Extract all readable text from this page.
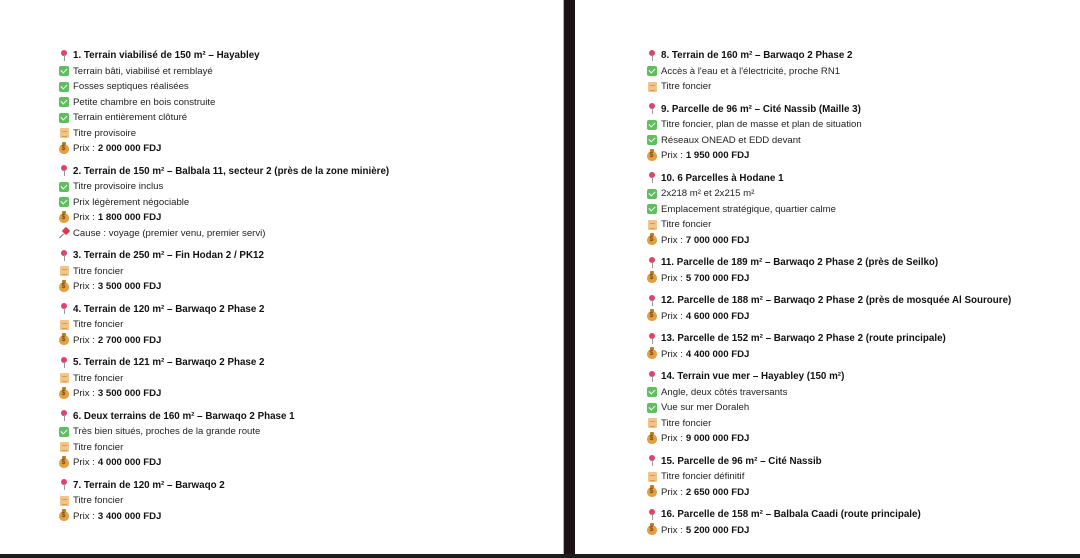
1. Terrain viabilisé de 150 m² – Hayabley
Terrain bâti, viabilisé et remblayé
Fosses septiques réalisées
Petite chambre en bois construite
Terrain entièrement clôturé
Titre provisoire
$
Prix : 2 000 000 FDJ
2. Terrain de 150 m² – Balbala 11, secteur 2 (près de la zone minière)
Titre provisoire inclus
Prix légèrement négociable
$
Prix : 1 800 000 FDJ
Cause : voyage (premier venu, premier servi)
3. Terrain de 250 m² – Fin Hodan 2 / PK12
Titre foncier
$
Prix : 3 500 000 FDJ
4. Terrain de 120 m² – Barwaqo 2 Phase 2
Titre foncier
$
Prix : 2 700 000 FDJ
5. Terrain de 121 m² – Barwaqo 2 Phase 2
Titre foncier
$
Prix : 3 500 000 FDJ
6. Deux terrains de 160 m² – Barwaqo 2 Phase 1
Très bien situés, proches de la grande route
Titre foncier
$
Prix : 4 000 000 FDJ
7. Terrain de 120 m² – Barwaqo 2
Titre foncier
$
Prix : 3 400 000 FDJ
8. Terrain de 160 m² – Barwaqo 2 Phase 2
Accès à l'eau et à l'électricité, proche RN1
Titre foncier
9. Parcelle de 96 m² – Cité Nassib (Maille 3)
Titre foncier, plan de masse et plan de situation
Réseaux ONEAD et EDD devant
$
Prix : 1 950 000 FDJ
10. 6 Parcelles à Hodane 1
2x218 m² et 2x215 m²
Emplacement stratégique, quartier calme
Titre foncier
$
Prix : 7 000 000 FDJ
11. Parcelle de 189 m² – Barwaqo 2 Phase 2 (près de Seilko)
$
Prix : 5 700 000 FDJ
12. Parcelle de 188 m² – Barwaqo 2 Phase 2 (près de mosquée Al Souroure)
$
Prix : 4 600 000 FDJ
13. Parcelle de 152 m² – Barwaqo 2 Phase 2 (route principale)
$
Prix : 4 400 000 FDJ
14. Terrain vue mer – Hayabley (150 m²)
Angle, deux côtés traversants
Vue sur mer Doraleh
Titre foncier
$
Prix : 9 000 000 FDJ
15. Parcelle de 96 m² – Cité Nassib
Titre foncier définitif
$
Prix : 2 650 000 FDJ
16. Parcelle de 158 m² – Balbala Caadi (route principale)
$
Prix : 5 200 000 FDJ
